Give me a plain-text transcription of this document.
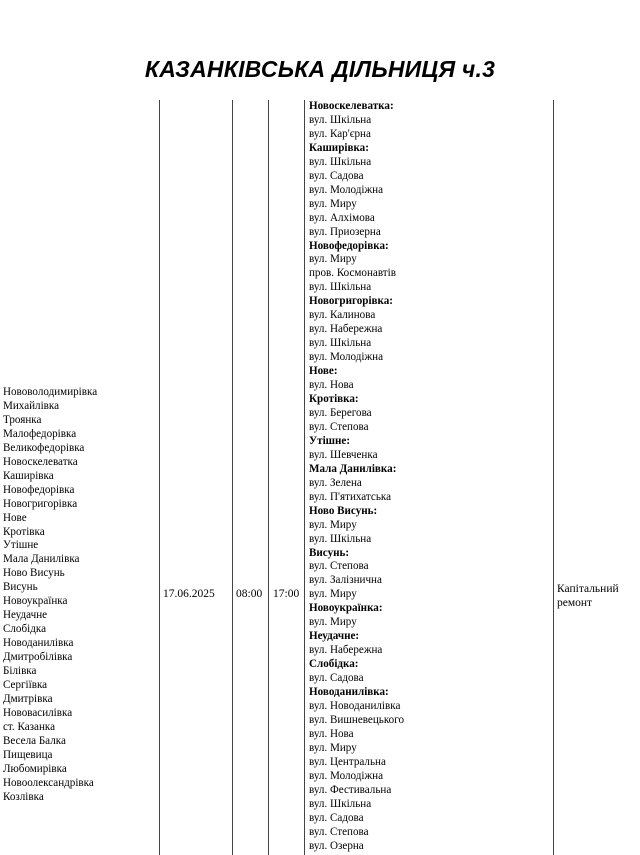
КАЗАНКІВСЬКА ДІЛЬНИЦЯ ч.3
Нововолодимирівка
Михайлівка
Троянка
Малофедорівка
Великофедорівка
Новоскелеватка
Каширівка
Новофедорівка
Новогригорівка
Нове
Кротівка
Утішне
Мала Данилівка
Ново Висунь
Висунь
Новоукраїнка
Неудачне
Слобідка
Новоданилівка
Дмитробілівка
Білівка
Сергіївка
Дмитрівка
Нововасилівка
ст. Казанка
Весела Балка
Пищевица
Любомирівка
Новоолександрівка
Козлівка
17.06.2025 08:00 17:00
Новоскелеватка:
вул. Шкільна
вул. Кар'єрна
Каширівка:
вул. Шкільна
вул. Садова
вул. Молодіжна
вул. Миру
вул. Алхімова
вул. Приозерна
Новофедорівка:
вул. Миру
пров. Космонавтів
вул. Шкільна
Новогригорівка:
вул. Калинова
вул. Набережна
вул. Шкільна
вул. Молодіжна
Нове:
вул. Нова
Кротівка:
вул. Берегова
вул. Степова
Утішне:
вул. Шевченка
Мала Данилівка:
вул. Зелена
вул. П'ятихатська
Ново Висунь:
вул. Миру
вул. Шкільна
Висунь:
вул. Степова
вул. Залізнична
вул. Миру
Новоукраїнка:
вул. Миру
Неудачне:
вул. Набережна
Слобідка:
вул. Садова
Новоданилівка:
вул. Новоданилівка
вул. Вишневецького
вул. Нова
вул. Миру
вул. Центральна
вул. Молодіжна
вул. Фестивальна
вул. Шкільна
вул. Садова
вул. Степова
вул. Озерна
Капітальний ремонт
